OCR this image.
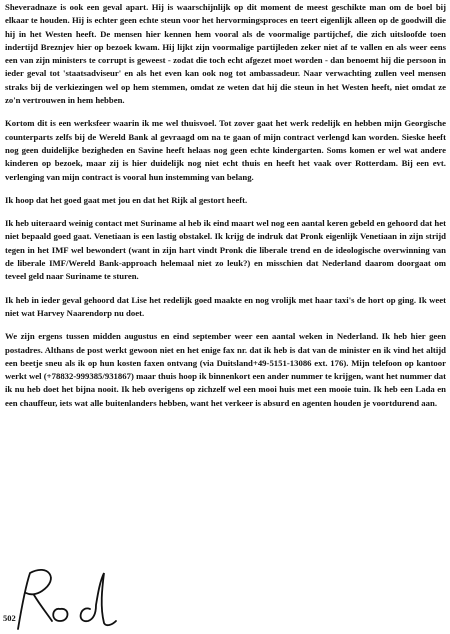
Sheveradnaze is ook een geval apart. Hij is waarschijnlijk op dit moment de meest geschikte man om de boel bij elkaar te houden. Hij is echter geen echte steun voor het hervormingsproces en teert eigenlijk alleen op de goodwill die hij in het Westen heeft. De mensen hier kennen hem vooral als de voormalige partijchef, die zich uitsloofde toen indertijd Breznjev hier op bezoek kwam. Hij lijkt zijn voormalige partijleden zeker niet af te vallen en als weer eens een van zijn ministers te corrupt is geweest - zodat die toch echt afgezet moet worden - dan benoemt hij die persoon in ieder geval tot 'staatsadviseur' en als het even kan ook nog tot ambassadeur. Naar verwachting zullen veel mensen straks bij de verkiezingen wel op hem stemmen, omdat ze weten dat hij die steun in het Westen heeft, niet omdat ze zo'n vertrouwen in hem hebben.

Kortom dit is een werksfeer waarin ik me wel thuisvoel. Tot zover gaat het werk redelijk en hebben mijn Georgische counterparts zelfs bij de Wereld Bank al gevraagd om na te gaan of mijn contract verlengd kan worden. Sieske heeft nog geen duidelijke bezigheden en Savine heeft helaas nog geen echte kindergarten. Soms komen er wel wat andere kinderen op bezoek, maar zij is hier duidelijk nog niet echt thuis en heeft het vaak over Rotterdam. Bij een evt. verlenging van mijn contract is vooral hun instemming van belang.

Ik hoop dat het goed gaat met jou en dat het Rijk al gestort heeft.

Ik heb uiteraard weinig contact met Suriname al heb ik eind maart wel nog een aantal keren gebeld en gehoord dat het niet bepaald goed gaat. Venetiaan is een lastig obstakel. Ik krijg de indruk dat Pronk eigenlijk Venetiaan in zijn strijd tegen in het IMF wel bewondert (want in zijn hart vindt Pronk die liberale trend en de ideologische overwinning van de liberale IMF/Wereld Bank-approach helemaal niet zo leuk?) en misschien dat Nederland daarom doorgaat om teveel geld naar Suriname te sturen.

Ik heb in ieder geval gehoord dat Lise het redelijk goed maakte en nog vrolijk met haar taxi's de hort op ging. Ik weet niet wat Harvey Naarendorp nu doet.

We zijn ergens tussen midden augustus en eind september weer een aantal weken in Nederland. Ik heb hier geen postadres. Althans de post werkt gewoon niet en het enige fax nr. dat ik heb is dat van de minister en ik vind het altijd een beetje sneu als ik op hun kosten faxen ontvang (via Duitsland+49-5151-13086 ext. 176). Mijn telefoon op kantoor werkt wel (+78832-999385/931867) maar thuis hoop ik binnenkort een ander nummer te krijgen, want het nummer dat ik nu heb doet het bijna nooit. Ik heb overigens op zichzelf wel een mooi huis met een mooie tuin. Ik heb een Lada en een chauffeur, iets wat alle buitenlanders hebben, want het verkeer is absurd en agenten houden je voortdurend aan.

502
